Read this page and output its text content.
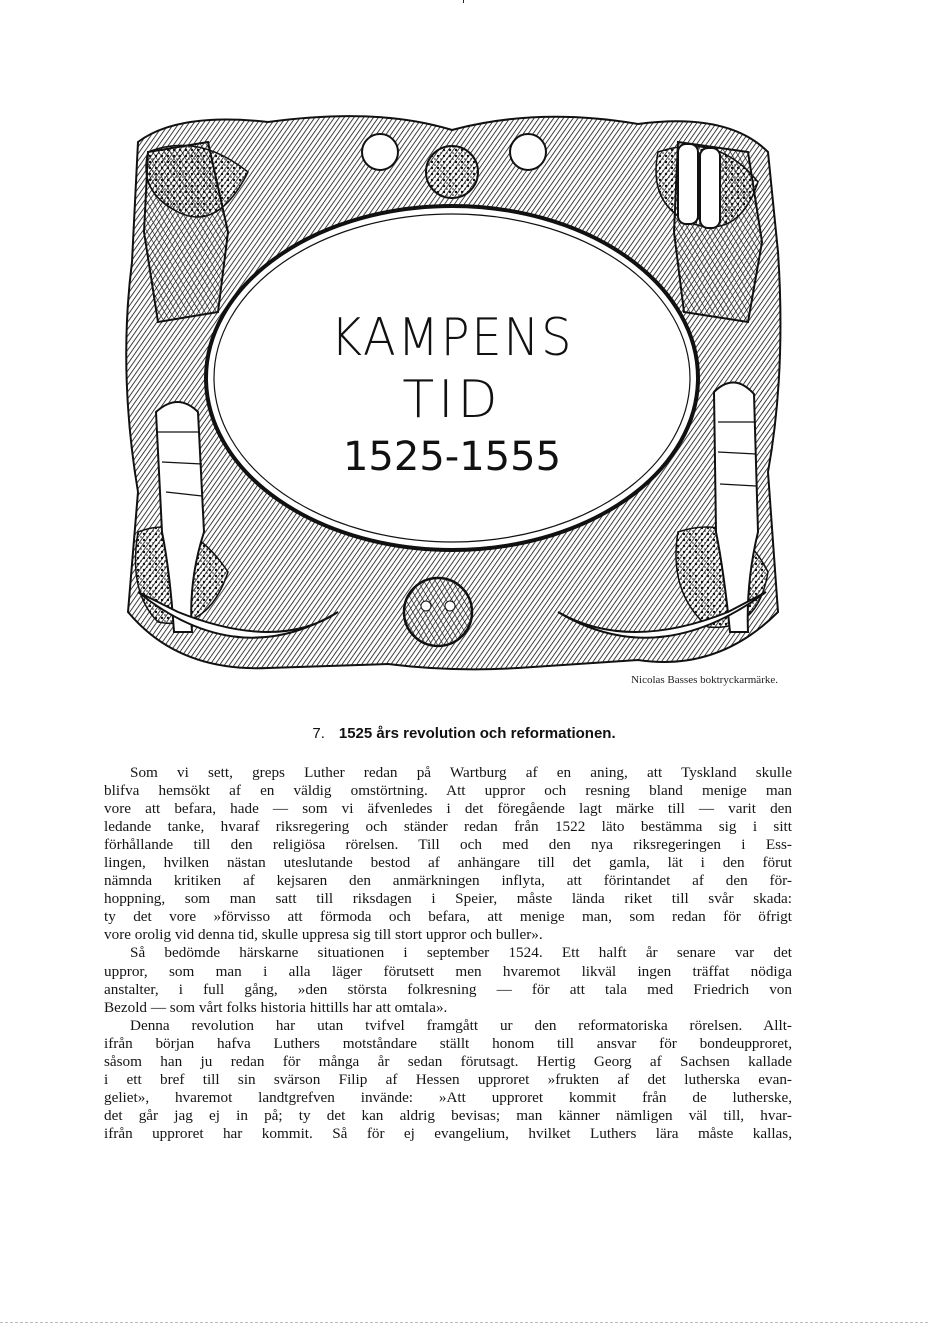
KAMPENS
TID
1525-1555
Nicolas Basses boktryckarmärke.
7. 1525 års revolution och reformationen.
Som vi sett, greps Luther redan på Wartburg af en aning, att Tyskland skulle
blifva hemsökt af en väldig omstörtning. Att uppror och resning bland menige man
vore att befara, hade — som vi äfvenledes i det föregående lagt märke till — varit den
ledande tanke, hvaraf riksregering och ständer redan från 1522 läto bestämma sig i sitt
förhållande till den religiösa rörelsen. Till och med den nya riksregeringen i Ess-
lingen, hvilken nästan uteslutande bestod af anhängare till det gamla, lät i den förut
nämnda kritiken af kejsaren den anmärkningen inflyta, att förintandet af den för-
hoppning, som man satt till riksdagen i Speier, måste lända riket till svår skada:
ty det vore »förvisso att förmoda och befara, att menige man, som redan för öfrigt
vore orolig vid denna tid, skulle uppresa sig till stort uppror och buller».
Så bedömde härskarne situationen i september 1524. Ett halft år senare var det
uppror, som man i alla läger förutsett men hvaremot likväl ingen träffat nödiga
anstalter, i full gång, »den största folkresning — för att tala med Friedrich von
Bezold — som vårt folks historia hittills har att omtala».
Denna revolution har utan tvifvel framgått ur den reformatoriska rörelsen. Allt-
ifrån början hafva Luthers motståndare ställt honom till ansvar för bondeupproret,
såsom han ju redan för många år sedan förutsagt. Hertig Georg af Sachsen kallade
i ett bref till sin svärson Filip af Hessen upproret »frukten af det lutherska evan-
geliet», hvaremot landtgrefven invände: »Att upproret kommit från de lutherske,
det går jag ej in på; ty det kan aldrig bevisas; man känner nämligen väl till, hvar-
ifrån upproret har kommit. Så för ej evangelium, hvilket Luthers lära måste kallas,
